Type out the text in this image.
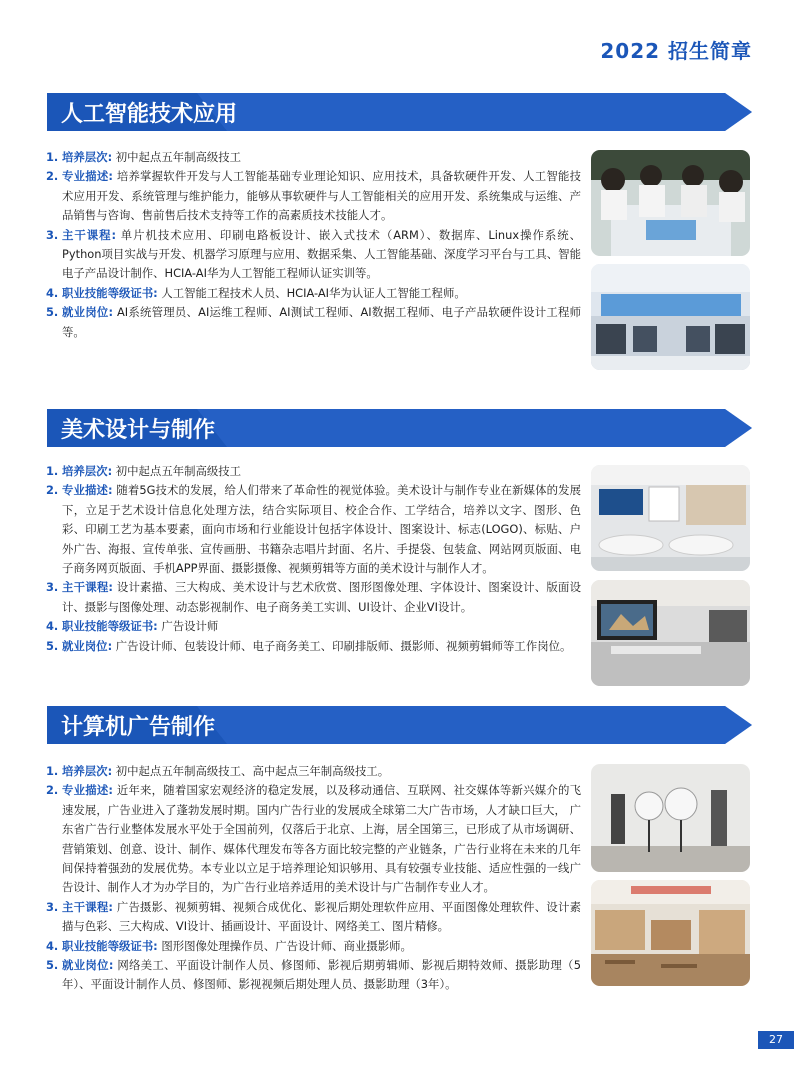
2022 招生简章
人工智能技术应用
1. 培养层次: 初中起点五年制高级技工
2. 专业描述: 培养掌握软件开发与人工智能基础专业理论知识、应用技术，具备软硬件开发、人工智能技术应用开发、系统管理与维护能力，能够从事软硬件与人工智能相关的应用开发、系统集成与运维、产品销售与咨询、售前售后技术支持等工作的高素质技术技能人才。
3. 主干课程: 单片机技术应用、印刷电路板设计、嵌入式技术（ARM）、数据库、Linux操作系统、Python项目实战与开发、机器学习原理与应用、数据采集、人工智能基础、深度学习平台与工具、智能电子产品设计制作、HCIA-AI华为人工智能工程师认证实训等。
4. 职业技能等级证书: 人工智能工程技术人员、HCIA-AI华为认证人工智能工程师。
5. 就业岗位: AI系统管理员、AI运维工程师、AI测试工程师、AI数据工程师、电子产品软硬件设计工程师等。
美术设计与制作
1. 培养层次: 初中起点五年制高级技工
2. 专业描述: 随着5G技术的发展，给人们带来了革命性的视觉体验。美术设计与制作专业在新媒体的发展下，立足于艺术设计信息化处理方法，结合实际项目、校企合作、工学结合，培养以文字、图形、色彩、印刷工艺为基本要素，面向市场和行业能设计包括字体设计、图案设计、标志(LOGO)、标贴、户外广告、海报、宣传单张、宣传画册、书籍杂志唱片封面、名片、手提袋、包装盒、网站网页版面、电子商务网页版面、手机APP界面、摄影摄像、视频剪辑等方面的美术设计与制作人才。
3. 主干课程: 设计素描、三大构成、美术设计与艺术欣赏、图形图像处理、字体设计、图案设计、版面设计、摄影与图像处理、动态影视制作、电子商务美工实训、UI设计、企业VI设计。
4. 职业技能等级证书: 广告设计师
5. 就业岗位: 广告设计师、包装设计师、电子商务美工、印刷排版师、摄影师、视频剪辑师等工作岗位。
计算机广告制作
1. 培养层次: 初中起点五年制高级技工、高中起点三年制高级技工。
2. 专业描述: 近年来，随着国家宏观经济的稳定发展，以及移动通信、互联网、社交媒体等新兴媒介的飞速发展，广告业进入了蓬勃发展时期。国内广告行业的发展成全球第二大广告市场，人才缺口巨大， 广东省广告行业整体发展水平处于全国前列，仅落后于北京、上海，居全国第三，已形成了从市场调研、营销策划、创意、设计、制作、媒体代理发布等各方面比较完整的产业链条，广告行业将在未来的几年间保持着强劲的发展优势。本专业以立足于培养理论知识够用、具有较强专业技能、适应性强的一线广告设计、制作人才为办学目的，为广告行业培养适用的美术设计与广告制作专业人才。
3. 主干课程: 广告摄影、视频剪辑、视频合成优化、影视后期处理软件应用、平面图像处理软件、设计素描与色彩、三大构成、VI设计、插画设计、平面设计、网络美工、图片精修。
4. 职业技能等级证书: 图形图像处理操作员、广告设计师、商业摄影师。
5. 就业岗位: 网络美工、平面设计制作人员、修图师、影视后期剪辑师、影视后期特效师、摄影助理（5年）、平面设计制作人员、修图师、影视视频后期处理人员、摄影助理（3年）。
27
